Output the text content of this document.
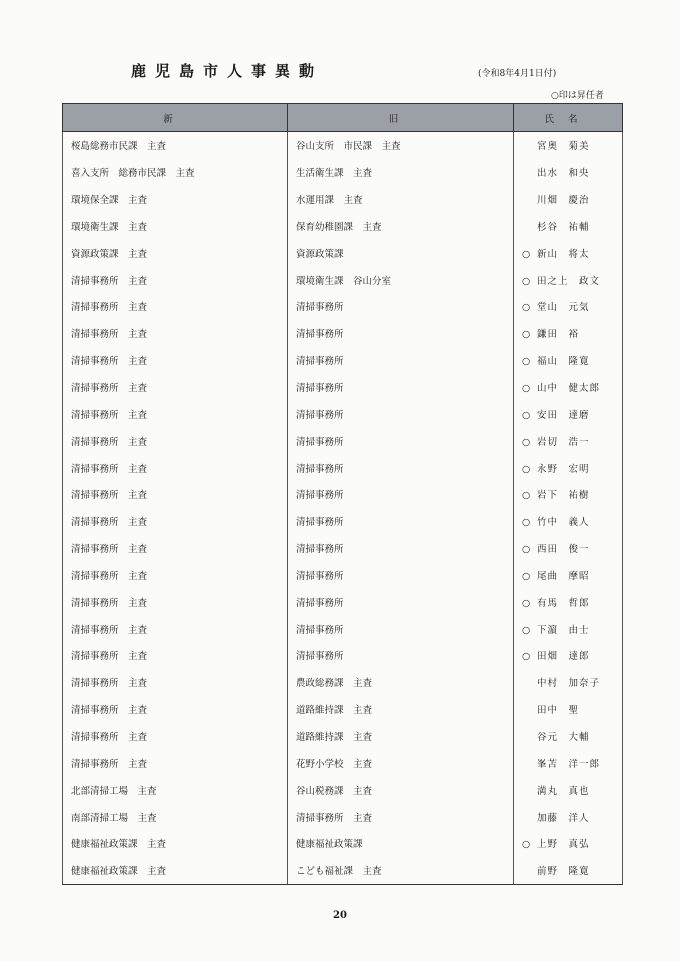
鹿児島市人事異動	(令和8年4月1日付)
○印は昇任者
新	旧	氏名
桜島総務市民課　主査	谷山支所　市民課　主査	宮奥　菊美
喜入支所　総務市民課　主査	生活衛生課　主査	出水　和央
環境保全課　主査	水運用課　主査	川畑　慶治
環境衛生課　主査	保育幼稚園課　主査	杉谷　祐輔
資源政策課　主査	資源政策課	○ 新山　将太
清掃事務所　主査	環境衛生課　谷山分室	○ 田之上　政文
清掃事務所　主査	清掃事務所	○ 堂山　元気
清掃事務所　主査	清掃事務所	○ 鎌田　裕
清掃事務所　主査	清掃事務所	○ 福山　隆寛
清掃事務所　主査	清掃事務所	○ 山中　健太郎
清掃事務所　主査	清掃事務所	○ 安田　達磨
清掃事務所　主査	清掃事務所	○ 岩切　浩一
清掃事務所　主査	清掃事務所	○ 永野　宏明
清掃事務所　主査	清掃事務所	○ 岩下　祐樹
清掃事務所　主査	清掃事務所	○ 竹中　義人
清掃事務所　主査	清掃事務所	○ 西田　俊一
清掃事務所　主査	清掃事務所	○ 尾曲　摩昭
清掃事務所　主査	清掃事務所	○ 有馬　哲郎
清掃事務所　主査	清掃事務所	○ 下濵　由士
清掃事務所　主査	清掃事務所	○ 田畑　達郎
清掃事務所　主査	農政総務課　主査	中村　加奈子
清掃事務所　主査	道路維持課　主査	田中　聖
清掃事務所　主査	道路維持課　主査	谷元　大輔
清掃事務所　主査	花野小学校　主査	峯苫　洋一郎
北部清掃工場　主査	谷山税務課　主査	満丸　真也
南部清掃工場　主査	清掃事務所　主査	加藤　洋人
健康福祉政策課　主査	健康福祉政策課	○ 上野　真弘
健康福祉政策課　主査	こども福祉課　主査	前野　隆寛
20
